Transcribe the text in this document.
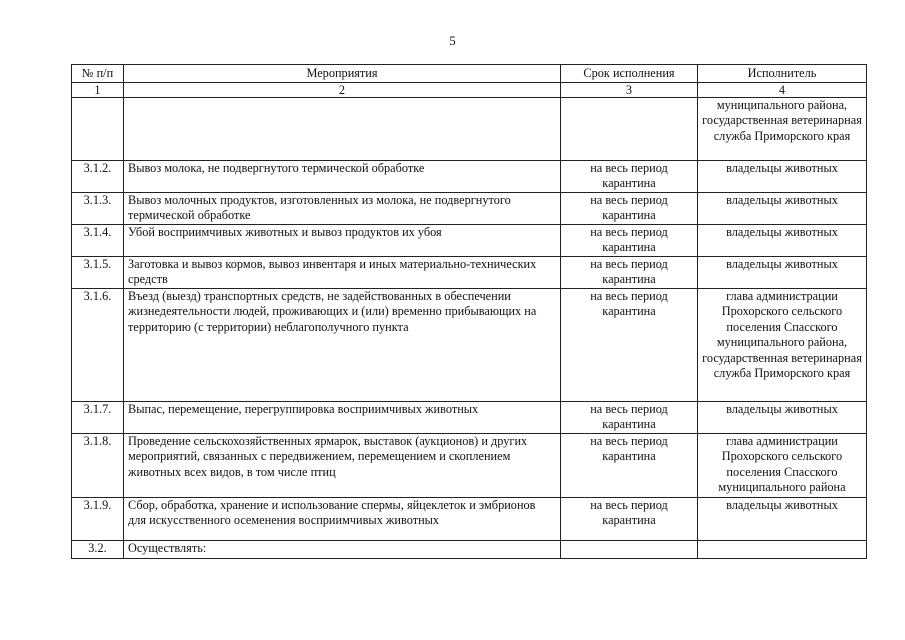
5
№ п/п	Мероприятия	Срок исполнения	Исполнитель
1	2	3	4
			муниципального района, государственная ветеринарная служба Приморского края
3.1.2.	Вывоз молока, не подвергнутого термической обработке	на весь период карантина	владельцы животных
3.1.3.	Вывоз молочных продуктов, изготовленных из молока, не подвергнутого термической обработке	на весь период карантина	владельцы животных
3.1.4.	Убой восприимчивых животных и вывоз продуктов их убоя	на весь период карантина	владельцы животных
3.1.5.	Заготовка и вывоз кормов, вывоз инвентаря и иных материально-технических средств	на весь период карантина	владельцы животных
3.1.6.	Въезд (выезд) транспортных средств, не задействованных в обеспечении жизнедеятельности людей, проживающих и (или) временно прибывающих на территорию (с территории) неблагополучного пункта	на весь период карантина	глава администрации Прохорского сельского поселения Спасского муниципального района, государственная ветеринарная служба Приморского края
3.1.7.	Выпас, перемещение, перегруппировка восприимчивых животных	на весь период карантина	владельцы животных
3.1.8.	Проведение сельскохозяйственных ярмарок, выставок (аукционов) и других мероприятий, связанных с передвижением, перемещением и скоплением животных всех видов, в том числе птиц	на весь период карантина	глава администрации Прохорского сельского поселения Спасского муниципального района
3.1.9.	Сбор, обработка, хранение и использование спермы, яйцеклеток и эмбрионов для искусственного осеменения восприимчивых животных	на весь период карантина	владельцы животных
3.2.	Осуществлять:		
